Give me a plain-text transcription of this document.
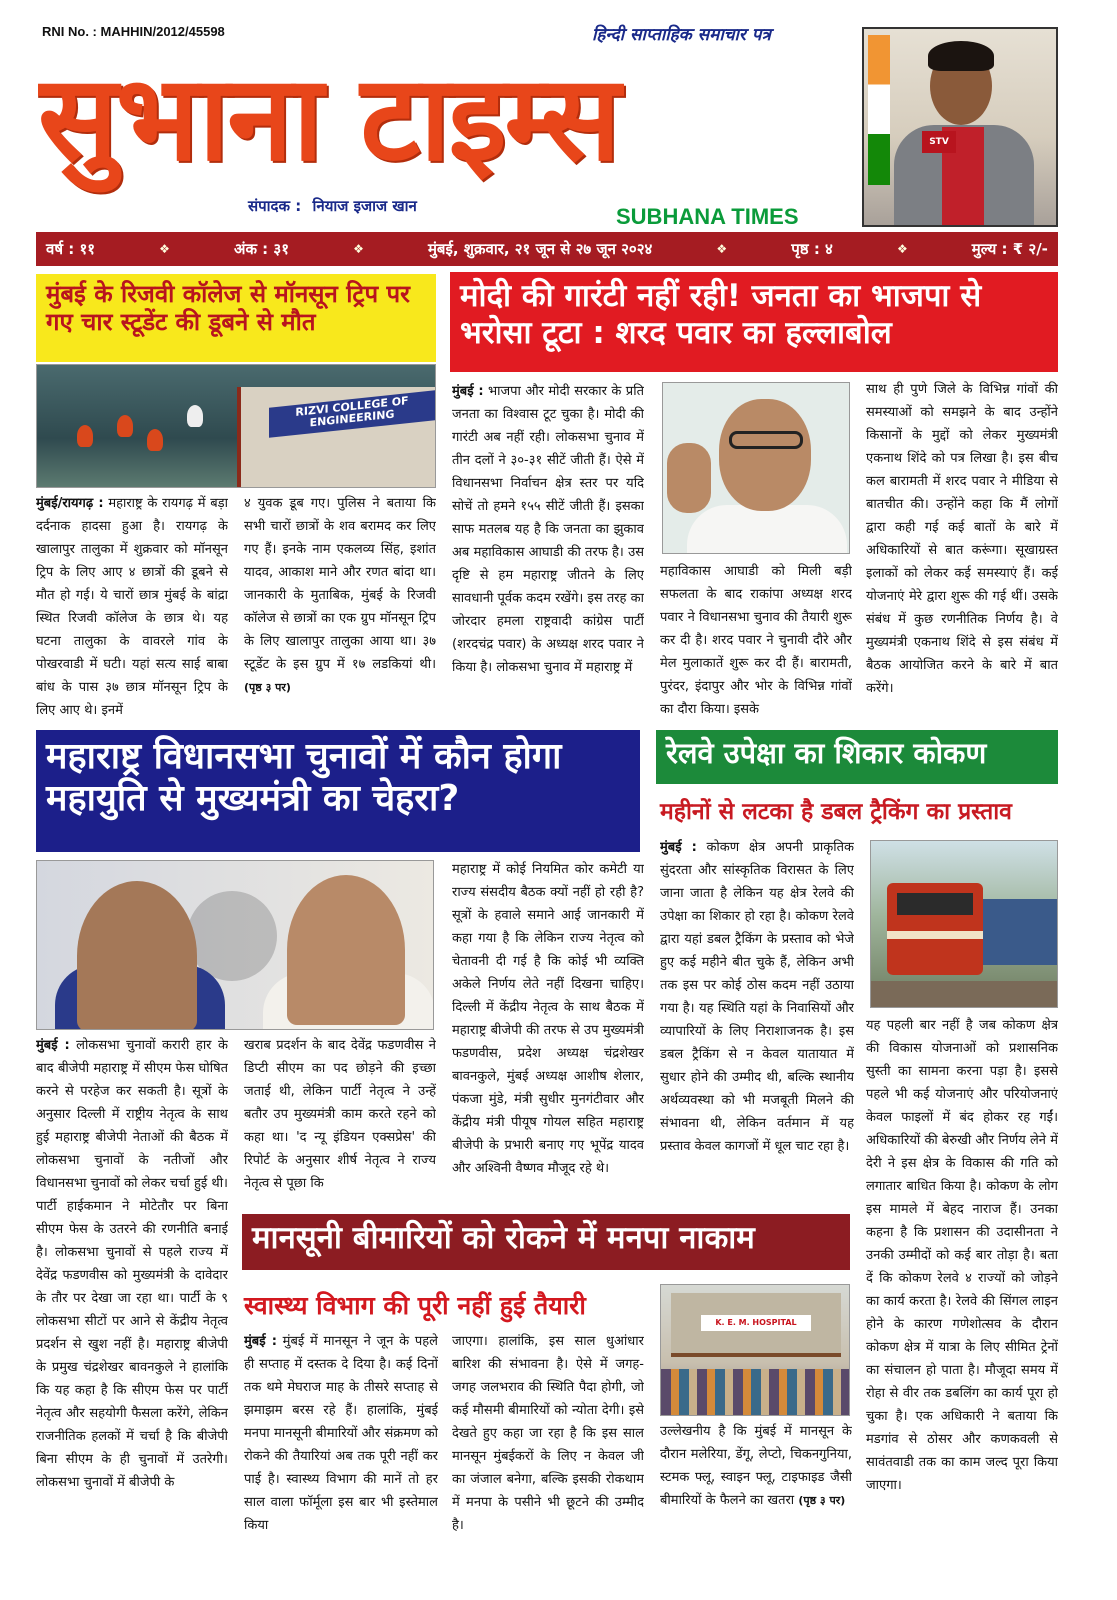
RNI No. : MAHHIN/2012/45598	हिन्दी साप्ताहिक समाचार पत्र
सुभाना टाइम्स
संपादक : नियाज इजाज खान	SUBHANA TIMES
STV
वर्ष : ११	❖	अंक : ३१	❖	मुंबई, शुक्रवार, २१ जून से २७ जून २०२४	❖	पृष्ठ : ४	❖	मुल्य : ₹ २/-
मुंबई के रिजवी कॉलेज से मॉनसून ट्रिप पर गए चार स्टूडेंट की डूबने से मौत
RIZVI COLLEGE OF ENGINEERING
मुंबई/रायगढ़ : महाराष्ट्र के रायगढ़ में बड़ा दर्दनाक हादसा हुआ है। रायगढ़ के खालापुर तालुका में शुक्रवार को मॉनसून ट्रिप के लिए आए ४ छात्रों की डूबने से मौत हो गई। ये चारों छात्र मुंबई के बांद्रा स्थित रिजवी कॉलेज के छात्र थे। यह घटना तालुका के वावरले गांव के पोखरवाडी में घटी। यहां सत्य साई बाबा बांध के पास ३७ छात्र मॉनसून ट्रिप के लिए आए थे। इनमें
४ युवक डूब गए। पुलिस ने बताया कि सभी चारों छात्रों के शव बरामद कर लिए गए हैं। इनके नाम एकलव्य सिंह, इशांत यादव, आकाश माने और रणत बांदा था। जानकारी के मुताबिक, मुंबई के रिजवी कॉलेज से छात्रों का एक ग्रुप मॉनसून ट्रिप के लिए खालापुर तालुका आया था। ३७ स्टूडेंट के इस ग्रुप में १७ लडकियां थी। (पृष्ठ ३ पर)
मोदी की गारंटी नहीं रही! जनता का भाजपा से भरोसा टूटा : शरद पवार का हल्लाबोल
मुंबई : भाजपा और मोदी सरकार के प्रति जनता का विश्वास टूट चुका है। मोदी की गारंटी अब नहीं रही। लोकसभा चुनाव में तीन दलों ने ३०-३१ सीटें जीती हैं। ऐसे में विधानसभा निर्वाचन क्षेत्र स्तर पर यदि सोचें तो हमने १५५ सीटें जीती हैं। इसका साफ मतलब यह है कि जनता का झुकाव अब महाविकास आघाडी की तरफ है। उस दृष्टि से हम महाराष्ट्र जीतने के लिए सावधानी पूर्वक कदम रखेंगे। इस तरह का जोरदार हमला राष्ट्रवादी कांग्रेस पार्टी (शरदचंद्र पवार) के अध्यक्ष शरद पवार ने किया है। लोकसभा चुनाव में महाराष्ट्र में
महाविकास आघाडी को मिली बड़ी सफलता के बाद राकांपा अध्यक्ष शरद पवार ने विधानसभा चुनाव की तैयारी शुरू कर दी है। शरद पवार ने चुनावी दौरे और मेल मुलाकातें शुरू कर दी हैं। बारामती, पुरंदर, इंदापुर और भोर के विभिन्न गांवों का दौरा किया। इसके
साथ ही पुणे जिले के विभिन्न गांवों की समस्याओं को समझने के बाद उन्होंने किसानों के मुद्दों को लेकर मुख्यमंत्री एकनाथ शिंदे को पत्र लिखा है। इस बीच कल बारामती में शरद पवार ने मीडिया से बातचीत की। उन्होंने कहा कि मैं लोगों द्वारा कही गई कई बातों के बारे में अधिकारियों से बात करूंगा। सूखाग्रस्त इलाकों को लेकर कई समस्याएं हैं। कई योजनाएं मेरे द्वारा शुरू की गई थीं। उसके संबंध में कुछ रणनीतिक निर्णय है। वे मुख्यमंत्री एकनाथ शिंदे से इस संबंध में बैठक आयोजित करने के बारे में बात करेंगे।
महाराष्ट्र विधानसभा चुनावों में कौन होगा महायुति से मुख्यमंत्री का चेहरा?
मुंबई : लोकसभा चुनावों करारी हार के बाद बीजेपी महाराष्ट्र में सीएम फेस घोषित करने से परहेज कर सकती है। सूत्रों के अनुसार दिल्ली में राष्ट्रीय नेतृत्व के साथ हुई महाराष्ट्र बीजेपी नेताओं की बैठक में लोकसभा चुनावों के नतीजों और विधानसभा चुनावों को लेकर चर्चा हुई थी। पार्टी हाईकमान ने मोटेतौर पर बिना सीएम फेस के उतरने की रणनीति बनाई है। लोकसभा चुनावों से पहले राज्य में देवेंद्र फडणवीस को मुख्यमंत्री के दावेदार के तौर पर देखा जा रहा था। पार्टी के ९ लोकसभा सीटों पर आने से केंद्रीय नेतृत्व प्रदर्शन से खुश नहीं है। महाराष्ट्र बीजेपी के प्रमुख चंद्रशेखर बावनकुले ने हालांकि कि यह कहा है कि सीएम फेस पर पार्टी नेतृत्व और सहयोगी फैसला करेंगे, लेकिन राजनीतिक हलकों में चर्चा है कि बीजेपी बिना सीएम के ही चुनावों में उतरेगी। लोकसभा चुनावों में बीजेपी के
खराब प्रदर्शन के बाद देवेंद्र फडणवीस ने डिप्टी सीएम का पद छोड़ने की इच्छा जताई थी, लेकिन पार्टी नेतृत्व ने उन्हें बतौर उप मुख्यमंत्री काम करते रहने को कहा था। 'द न्यू इंडियन एक्सप्रेस' की रिपोर्ट के अनुसार शीर्ष नेतृत्व ने राज्य नेतृत्व से पूछा कि
महाराष्ट्र में कोई नियमित कोर कमेटी या राज्य संसदीय बैठक क्यों नहीं हो रही है? सूत्रों के हवाले समाने आई जानकारी में कहा गया है कि लेकिन राज्य नेतृत्व को चेतावनी दी गई है कि कोई भी व्यक्ति अकेले निर्णय लेते नहीं दिखना चाहिए। दिल्ली में केंद्रीय नेतृत्व के साथ बैठक में महाराष्ट्र बीजेपी की तरफ से उप मुख्यमंत्री फडणवीस, प्रदेश अध्यक्ष चंद्रशेखर बावनकुले, मुंबई अध्यक्ष आशीष शेलार, पंकजा मुंडे, मंत्री सुधीर मुनगंटीवार और केंद्रीय मंत्री पीयूष गोयल सहित महाराष्ट्र बीजेपी के प्रभारी बनाए गए भूपेंद्र यादव और अश्विनी वैष्णव मौजूद रहे थे।
रेलवे उपेक्षा का शिकार कोकण
महीनों से लटका है डबल ट्रैकिंग का प्रस्ताव
मुंबई : कोकण क्षेत्र अपनी प्राकृतिक सुंदरता और सांस्कृतिक विरासत के लिए जाना जाता है लेकिन यह क्षेत्र रेलवे की उपेक्षा का शिकार हो रहा है। कोकण रेलवे द्वारा यहां डबल ट्रैकिंग के प्रस्ताव को भेजे हुए कई महीने बीत चुके हैं, लेकिन अभी तक इस पर कोई ठोस कदम नहीं उठाया गया है। यह स्थिति यहां के निवासियों और व्यापारियों के लिए निराशाजनक है। इस डबल ट्रैकिंग से न केवल यातायात में सुधार होने की उम्मीद थी, बल्कि स्थानीय अर्थव्यवस्था को भी मजबूती मिलने की संभावना थी, लेकिन वर्तमान में यह प्रस्ताव केवल कागजों में धूल चाट रहा है।
यह पहली बार नहीं है जब कोकण क्षेत्र की विकास योजनाओं को प्रशासनिक सुस्ती का सामना करना पड़ा है। इससे पहले भी कई योजनाएं और परियोजनाएं केवल फाइलों में बंद होकर रह गईं। अधिकारियों की बेरुखी और निर्णय लेने में देरी ने इस क्षेत्र के विकास की गति को लगातार बाधित किया है। कोकण के लोग इस मामले में बेहद नाराज हैं। उनका कहना है कि प्रशासन की उदासीनता ने उनकी उम्मीदों को कई बार तोड़ा है। बता दें कि कोकण रेलवे ४ राज्यों को जोड़ने का कार्य करता है। रेलवे की सिंगल लाइन होने के कारण गणेशोत्सव के दौरान कोकण क्षेत्र में यात्रा के लिए सीमित ट्रेनों का संचालन हो पाता है। मौजूदा समय में रोहा से वीर तक डबलिंग का कार्य पूरा हो चुका है। एक अधिकारी ने बताया कि मडगांव से ठोसर और कणकवली से सावंतवाडी तक का काम जल्द पूरा किया जाएगा।
मानसूनी बीमारियों को रोकने में मनपा नाकाम
स्वास्थ्य विभाग की पूरी नहीं हुई तैयारी
मुंबई : मुंबई में मानसून ने जून के पहले ही सप्ताह में दस्तक दे दिया है। कई दिनों तक थमे मेघराज माह के तीसरे सप्ताह से झमाझम बरस रहे हैं। हालांकि, मुंबई मनपा मानसूनी बीमारियों और संक्रमण को रोकने की तैयारियां अब तक पूरी नहीं कर पाई है। स्वास्थ्य विभाग की मानें तो हर साल वाला फॉर्मूला इस बार भी इस्तेमाल किया
जाएगा। हालांकि, इस साल धुआंधार बारिश की संभावना है। ऐसे में जगह-जगह जलभराव की स्थिति पैदा होगी, जो कई मौसमी बीमारियों को न्योता देगी। इसे देखते हुए कहा जा रहा है कि इस साल मानसून मुंबईकरों के लिए न केवल जी का जंजाल बनेगा, बल्कि इसकी रोकथाम में मनपा के पसीने भी छूटने की उम्मीद है।
K. E. M. HOSPITAL
उल्लेखनीय है कि मुंबई में मानसून के दौरान मलेरिया, डेंगू, लेप्टो, चिकनगुनिया, स्टमक फ्लू, स्वाइन फ्लू, टाइफाइड जैसी बीमारियों के फैलने का खतरा (पृष्ठ ३ पर)
